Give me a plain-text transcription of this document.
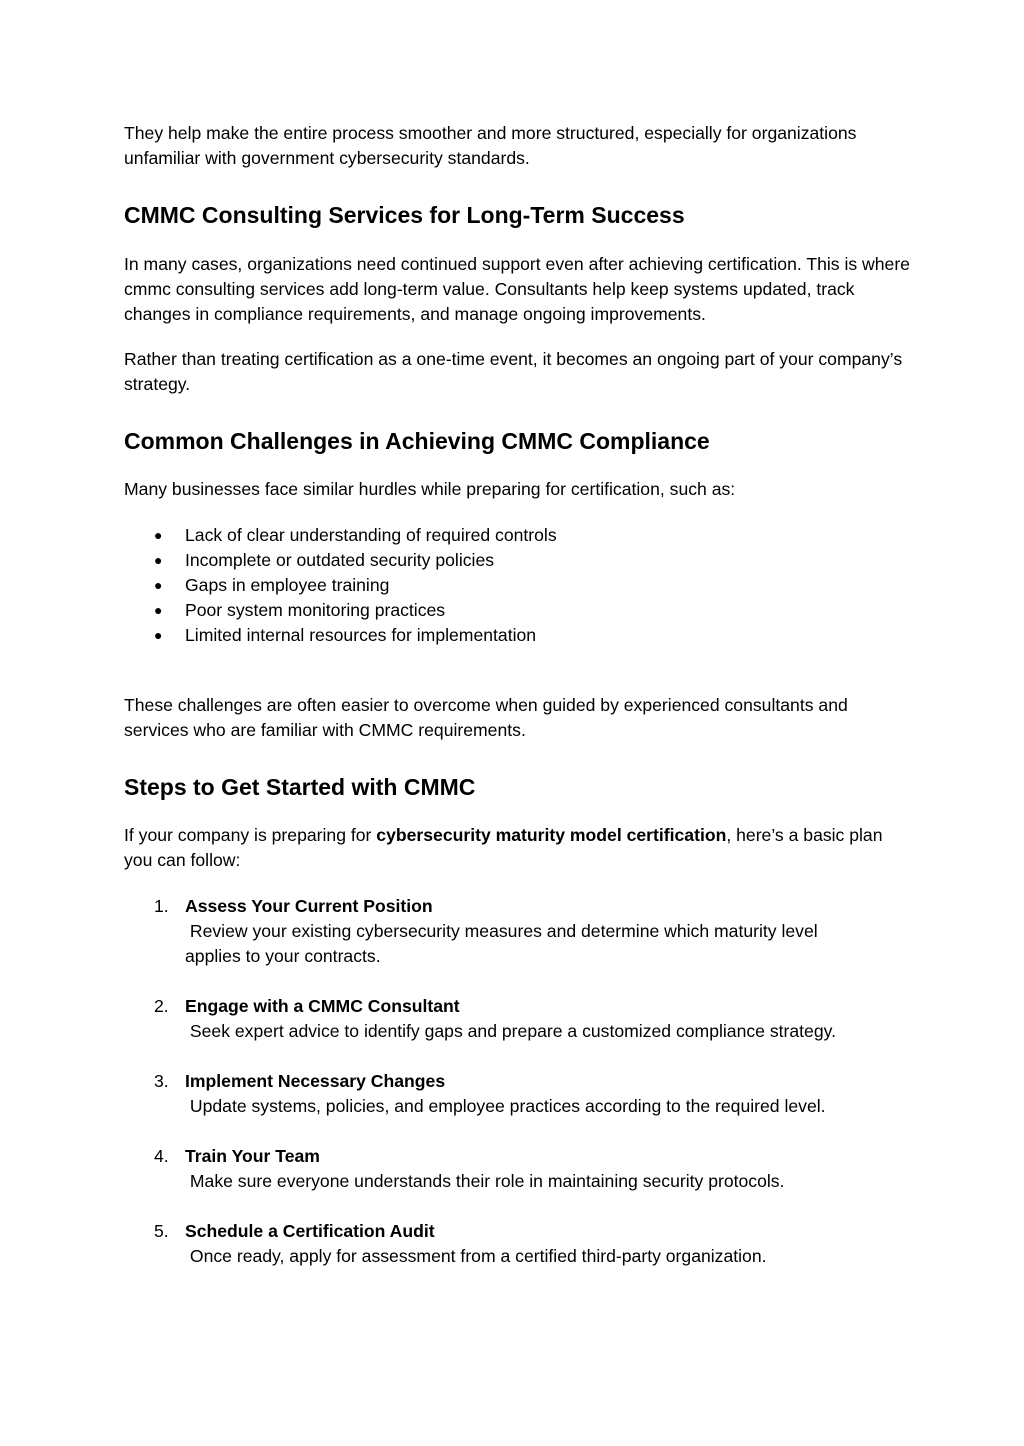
They help make the entire process smoother and more structured, especially for organizations unfamiliar with government cybersecurity standards.

CMMC Consulting Services for Long-Term Success

In many cases, organizations need continued support even after achieving certification. This is where cmmc consulting services add long-term value. Consultants help keep systems updated, track changes in compliance requirements, and manage ongoing improvements.

Rather than treating certification as a one-time event, it becomes an ongoing part of your company’s strategy.

Common Challenges in Achieving CMMC Compliance

Many businesses face similar hurdles while preparing for certification, such as:

●	Lack of clear understanding of required controls
●	Incomplete or outdated security policies
●	Gaps in employee training
●	Poor system monitoring practices
●	Limited internal resources for implementation

These challenges are often easier to overcome when guided by experienced consultants and services who are familiar with CMMC requirements.

Steps to Get Started with CMMC

If your company is preparing for cybersecurity maturity model certification, here’s a basic plan you can follow:

1. Assess Your Current Position
Review your existing cybersecurity measures and determine which maturity level applies to your contracts.
2. Engage with a CMMC Consultant
Seek expert advice to identify gaps and prepare a customized compliance strategy.
3. Implement Necessary Changes
Update systems, policies, and employee practices according to the required level.
4. Train Your Team
Make sure everyone understands their role in maintaining security protocols.
5. Schedule a Certification Audit
Once ready, apply for assessment from a certified third-party organization.
